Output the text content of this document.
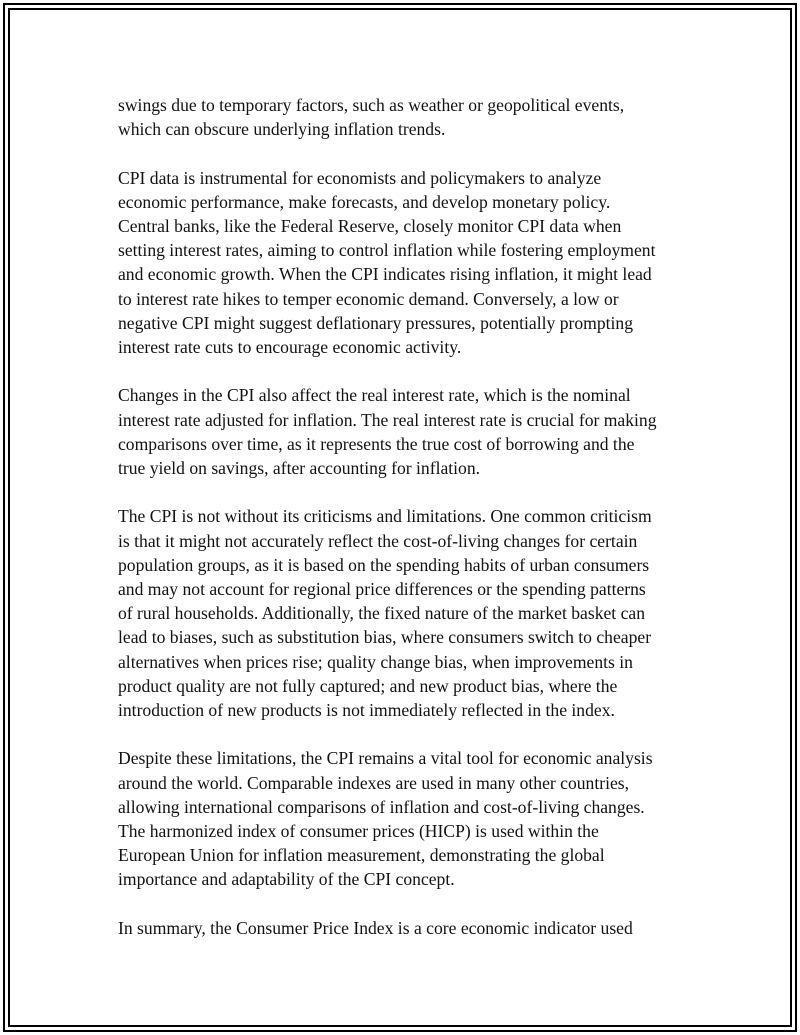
swings due to temporary factors, such as weather or geopolitical events,
which can obscure underlying inflation trends.

CPI data is instrumental for economists and policymakers to analyze
economic performance, make forecasts, and develop monetary policy.
Central banks, like the Federal Reserve, closely monitor CPI data when
setting interest rates, aiming to control inflation while fostering employment
and economic growth. When the CPI indicates rising inflation, it might lead
to interest rate hikes to temper economic demand. Conversely, a low or
negative CPI might suggest deflationary pressures, potentially prompting
interest rate cuts to encourage economic activity.

Changes in the CPI also affect the real interest rate, which is the nominal
interest rate adjusted for inflation. The real interest rate is crucial for making
comparisons over time, as it represents the true cost of borrowing and the
true yield on savings, after accounting for inflation.

The CPI is not without its criticisms and limitations. One common criticism
is that it might not accurately reflect the cost-of-living changes for certain
population groups, as it is based on the spending habits of urban consumers
and may not account for regional price differences or the spending patterns
of rural households. Additionally, the fixed nature of the market basket can
lead to biases, such as substitution bias, where consumers switch to cheaper
alternatives when prices rise; quality change bias, when improvements in
product quality are not fully captured; and new product bias, where the
introduction of new products is not immediately reflected in the index.

Despite these limitations, the CPI remains a vital tool for economic analysis
around the world. Comparable indexes are used in many other countries,
allowing international comparisons of inflation and cost-of-living changes.
The harmonized index of consumer prices (HICP) is used within the
European Union for inflation measurement, demonstrating the global
importance and adaptability of the CPI concept.

In summary, the Consumer Price Index is a core economic indicator used
